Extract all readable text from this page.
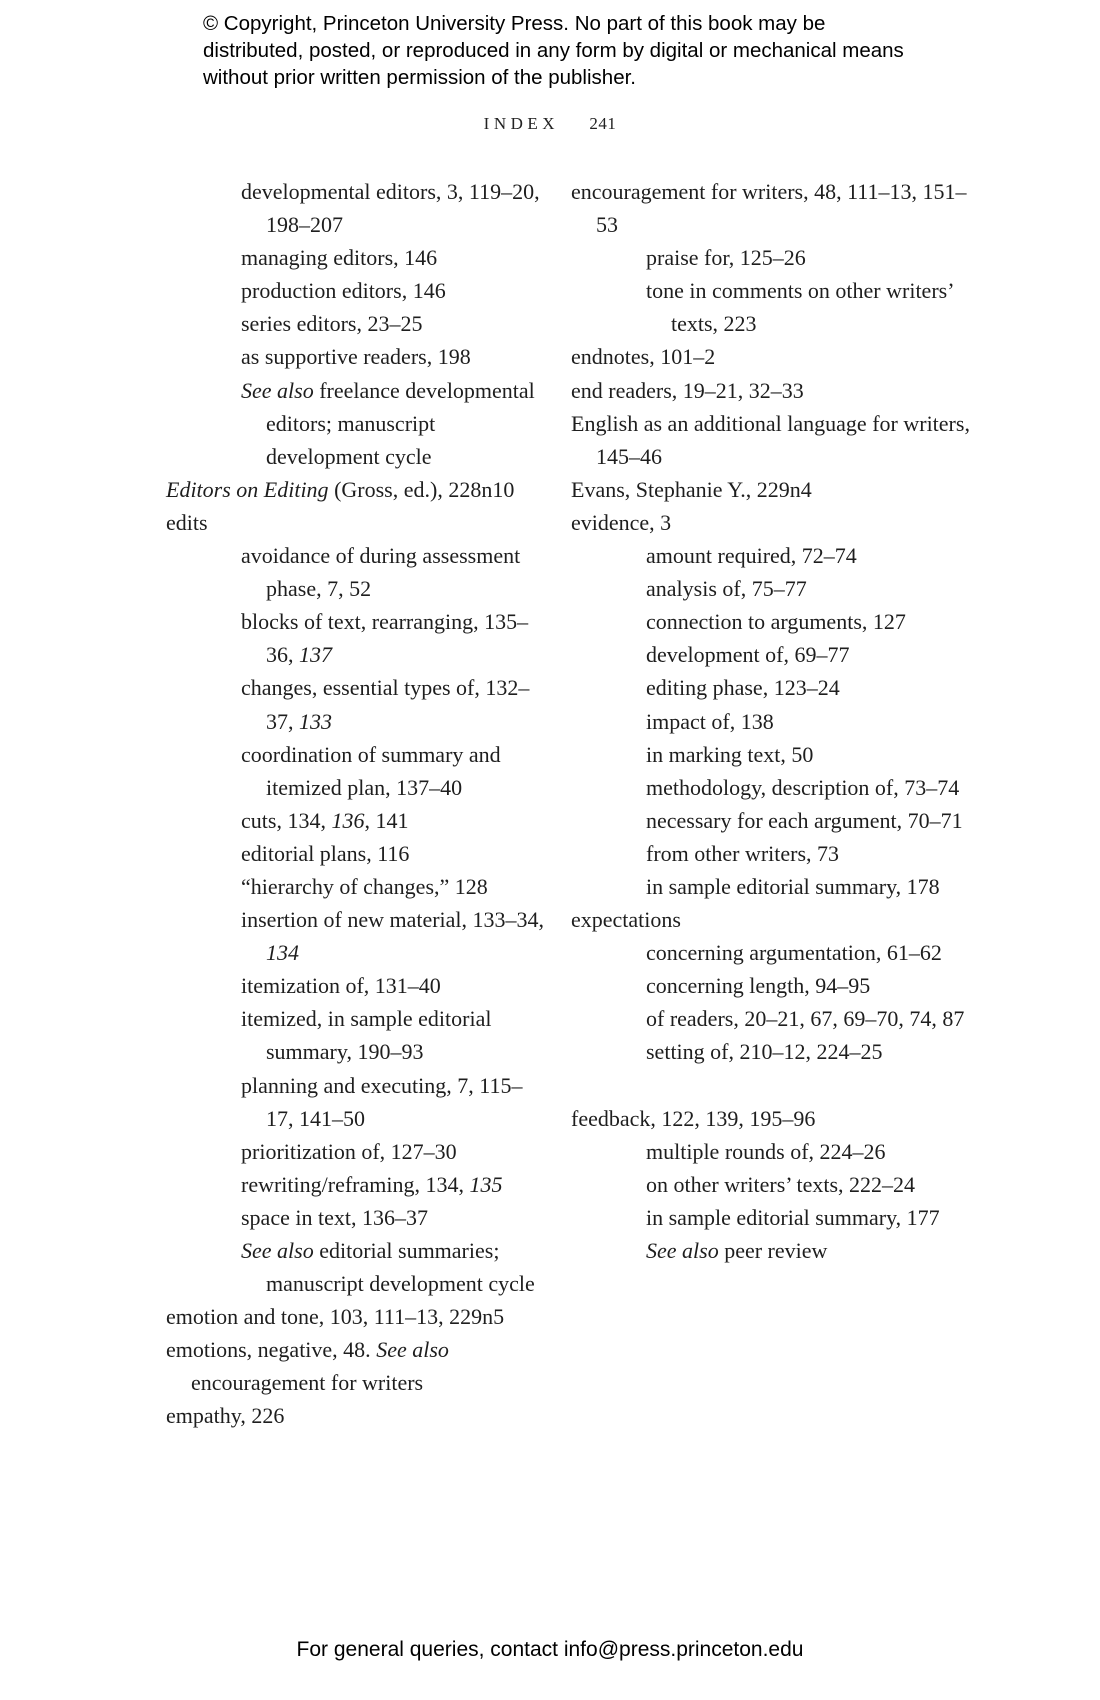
© Copyright, Princeton University Press. No part of this book may be distributed, posted, or reproduced in any form by digital or mechanical means without prior written permission of the publisher.
INDEX 241
developmental editors, 3, 119–20, 198–207
managing editors, 146
production editors, 146
series editors, 23–25
as supportive readers, 198
See also freelance developmental editors; manuscript development cycle
Editors on Editing (Gross, ed.), 228n10
edits
avoidance of during assessment phase, 7, 52
blocks of text, rearranging, 135–36, 137
changes, essential types of, 132–37, 133
coordination of summary and itemized plan, 137–40
cuts, 134, 136, 141
editorial plans, 116
“hierarchy of changes,” 128
insertion of new material, 133–34, 134
itemization of, 131–40
itemized, in sample editorial summary, 190–93
planning and executing, 7, 115–17, 141–50
prioritization of, 127–30
rewriting/reframing, 134, 135
space in text, 136–37
See also editorial summaries; manuscript development cycle
emotion and tone, 103, 111–13, 229n5
emotions, negative, 48. See also encouragement for writers
empathy, 226
encouragement for writers, 48, 111–13, 151–53
praise for, 125–26
tone in comments on other writers’ texts, 223
endnotes, 101–2
end readers, 19–21, 32–33
English as an additional language for writers, 145–46
Evans, Stephanie Y., 229n4
evidence, 3
amount required, 72–74
analysis of, 75–77
connection to arguments, 127
development of, 69–77
editing phase, 123–24
impact of, 138
in marking text, 50
methodology, description of, 73–74
necessary for each argument, 70–71
from other writers, 73
in sample editorial summary, 178
expectations
concerning argumentation, 61–62
concerning length, 94–95
of readers, 20–21, 67, 69–70, 74, 87
setting of, 210–12, 224–25
feedback, 122, 139, 195–96
multiple rounds of, 224–26
on other writers’ texts, 222–24
in sample editorial summary, 177
See also peer review
For general queries, contact info@press.princeton.edu
